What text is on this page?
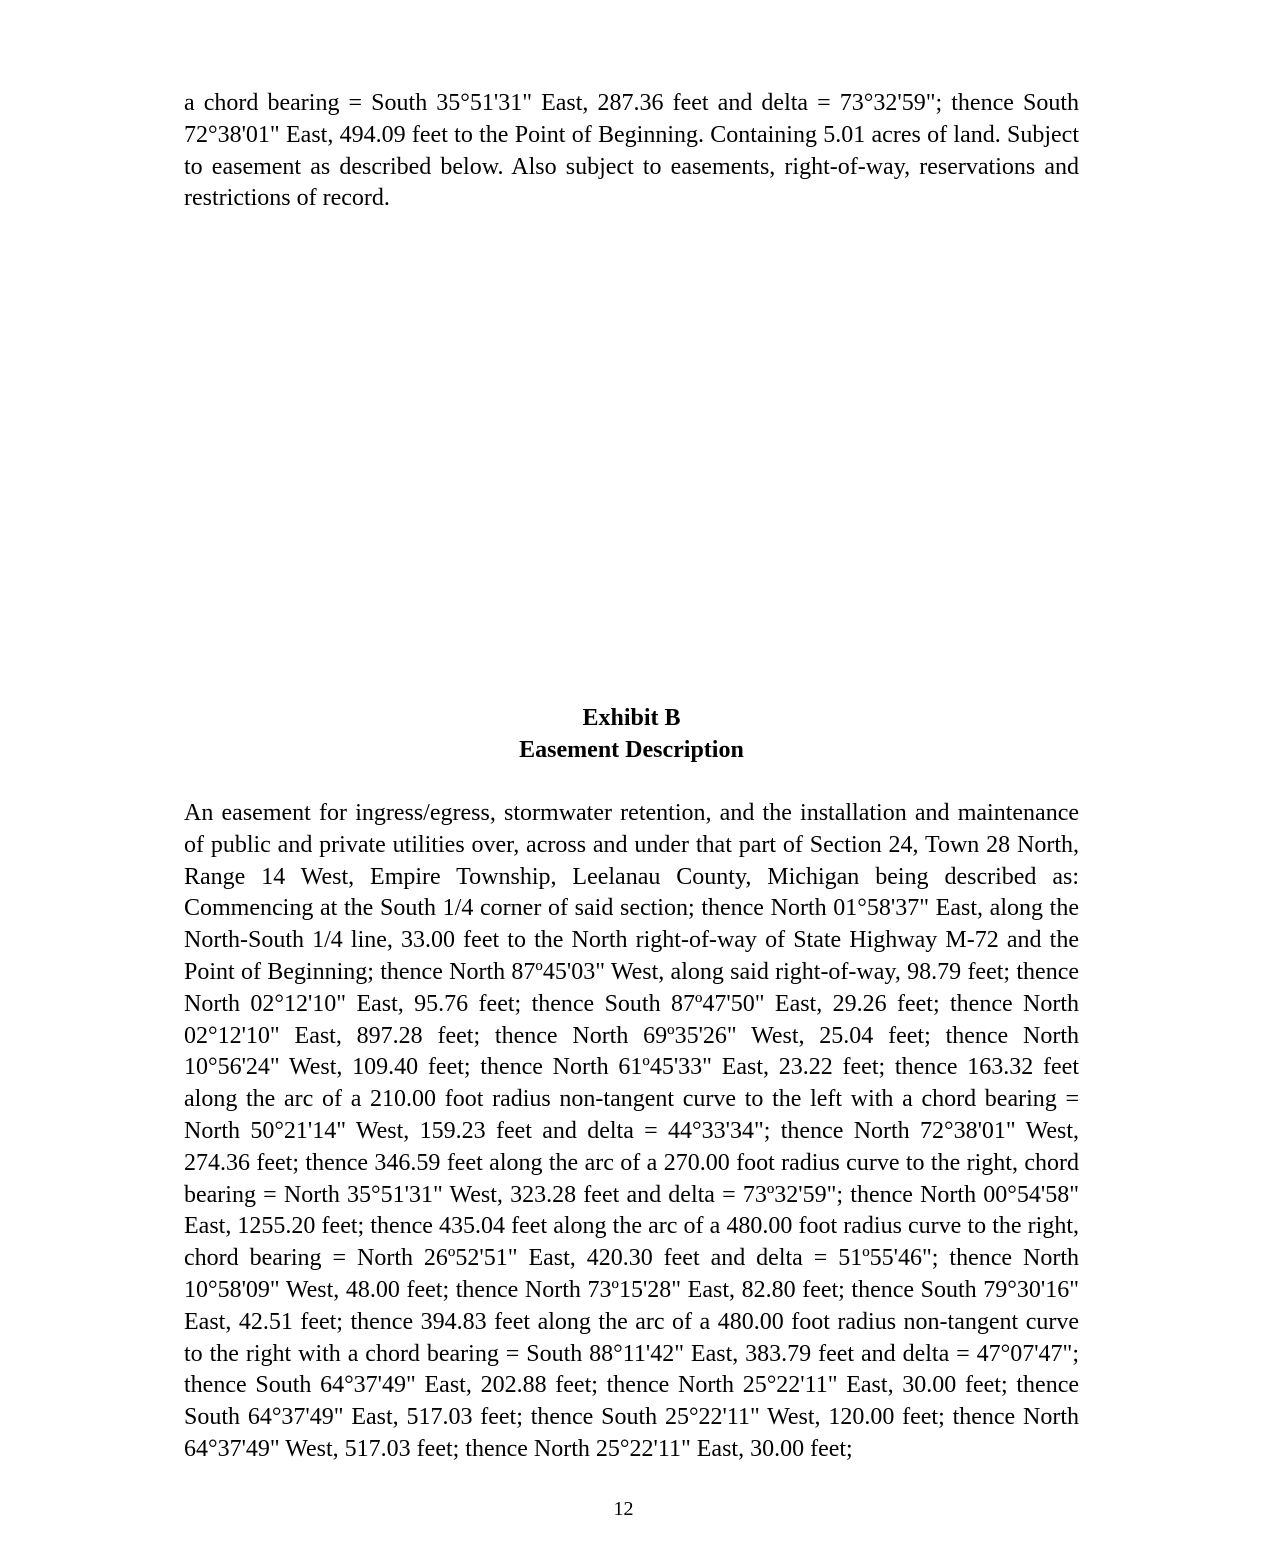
a chord bearing = South 35°51'31" East, 287.36 feet and delta = 73°32'59"; thence South 72°38'01" East, 494.09 feet to the Point of Beginning. Containing 5.01 acres of land. Subject to easement as described below. Also subject to easements, right-of-way, reservations and restrictions of record.

Exhibit B
Easement Description

An easement for ingress/egress, stormwater retention, and the installation and maintenance of public and private utilities over, across and under that part of Section 24, Town 28 North, Range 14 West, Empire Township, Leelanau County, Michigan being described as: Commencing at the South 1/4 corner of said section; thence North 01°58'37" East, along the North-South 1/4 line, 33.00 feet to the North right-of-way of State Highway M-72 and the Point of Beginning; thence North 87º45'03" West, along said right-of-way, 98.79 feet; thence North 02°12'10" East, 95.76 feet; thence South 87º47'50" East, 29.26 feet; thence North 02°12'10" East, 897.28 feet; thence North 69º35'26" West, 25.04 feet; thence North 10°56'24" West, 109.40 feet; thence North 61º45'33" East, 23.22 feet; thence 163.32 feet along the arc of a 210.00 foot radius non-tangent curve to the left with a chord bearing = North 50°21'14" West, 159.23 feet and delta = 44°33'34"; thence North 72°38'01" West, 274.36 feet; thence 346.59 feet along the arc of a 270.00 foot radius curve to the right, chord bearing = North 35°51'31" West, 323.28 feet and delta = 73º32'59"; thence North 00°54'58" East, 1255.20 feet; thence 435.04 feet along the arc of a 480.00 foot radius curve to the right, chord bearing = North 26º52'51" East, 420.30 feet and delta = 51º55'46"; thence North 10°58'09" West, 48.00 feet; thence North 73º15'28" East, 82.80 feet; thence South 79°30'16" East, 42.51 feet; thence 394.83 feet along the arc of a 480.00 foot radius non-tangent curve to the right with a chord bearing = South 88°11'42" East, 383.79 feet and delta = 47°07'47"; thence South 64°37'49" East, 202.88 feet; thence North 25°22'11" East, 30.00 feet; thence South 64°37'49" East, 517.03 feet; thence South 25°22'11" West, 120.00 feet; thence North 64°37'49" West, 517.03 feet; thence North 25°22'11" East, 30.00 feet;

12
